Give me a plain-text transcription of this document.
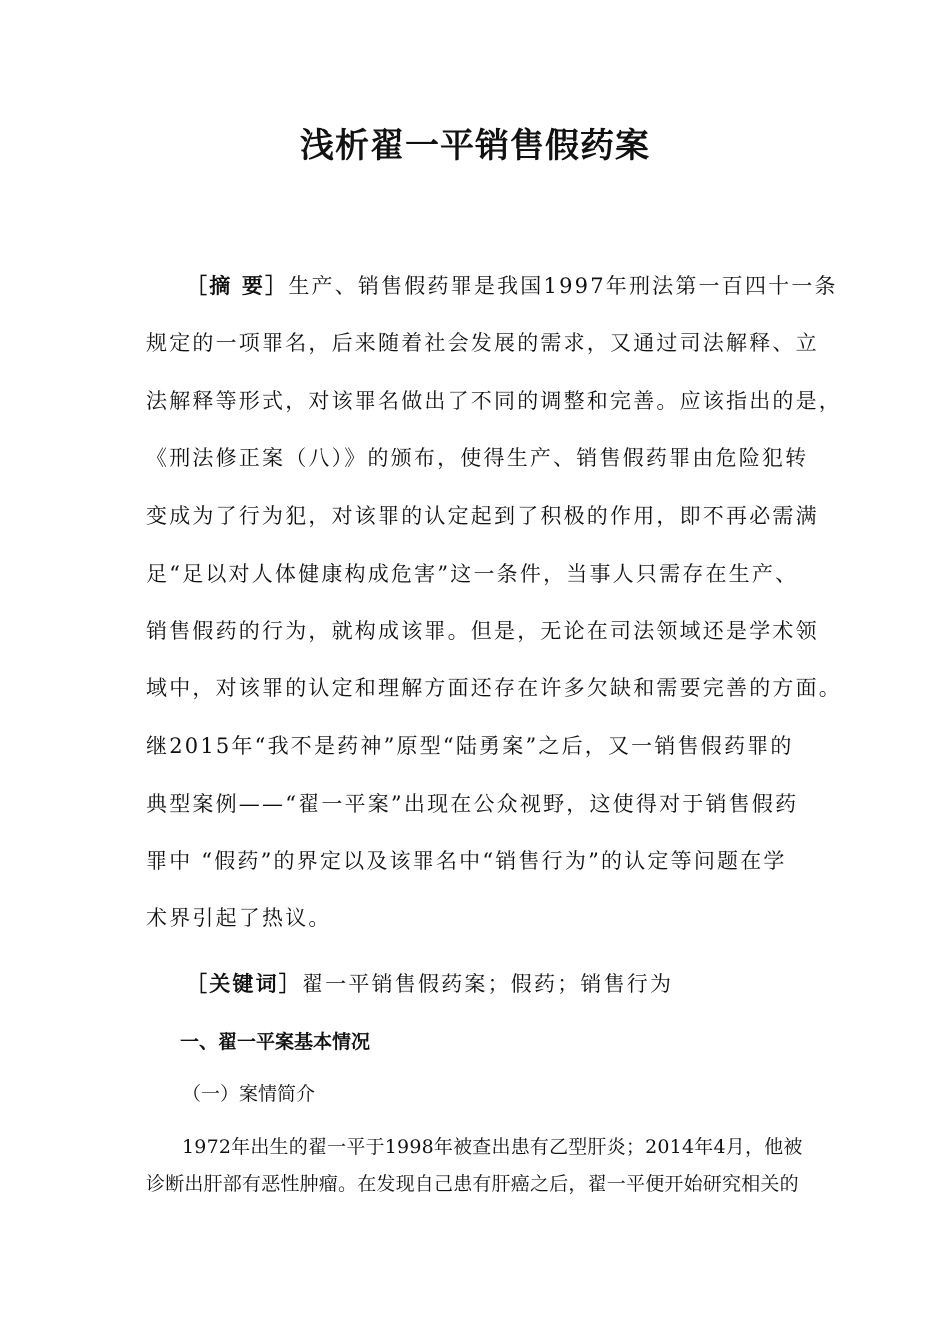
浅析翟一平销售假药案
［摘 要］生产、销售假药罪是我国1997年刑法第一百四十一条
规定的一项罪名，后来随着社会发展的需求，又通过司法解释、立
法解释等形式，对该罪名做出了不同的调整和完善。应该指出的是，
《刑法修正案（八）》的颁布，使得生产、销售假药罪由危险犯转
变成为了行为犯，对该罪的认定起到了积极的作用，即不再必需满
足“足以对人体健康构成危害”这一条件，当事人只需存在生产、
销售假药的行为，就构成该罪。但是，无论在司法领域还是学术领
域中，对该罪的认定和理解方面还存在许多欠缺和需要完善的方面。
继2015年“我不是药神”原型“陆勇案”之后，又一销售假药罪的
典型案例——“翟一平案”出现在公众视野，这使得对于销售假药
罪中 “假药”的界定以及该罪名中“销售行为”的认定等问题在学
术界引起了热议。
［关键词］翟一平销售假药案；假药；销售行为
一、翟一平案基本情况
（一）案情简介
1972年出生的翟一平于1998年被查出患有乙型肝炎；2014年4月，他被
诊断出肝部有恶性肿瘤。在发现自己患有肝癌之后，翟一平便开始研究相关的
